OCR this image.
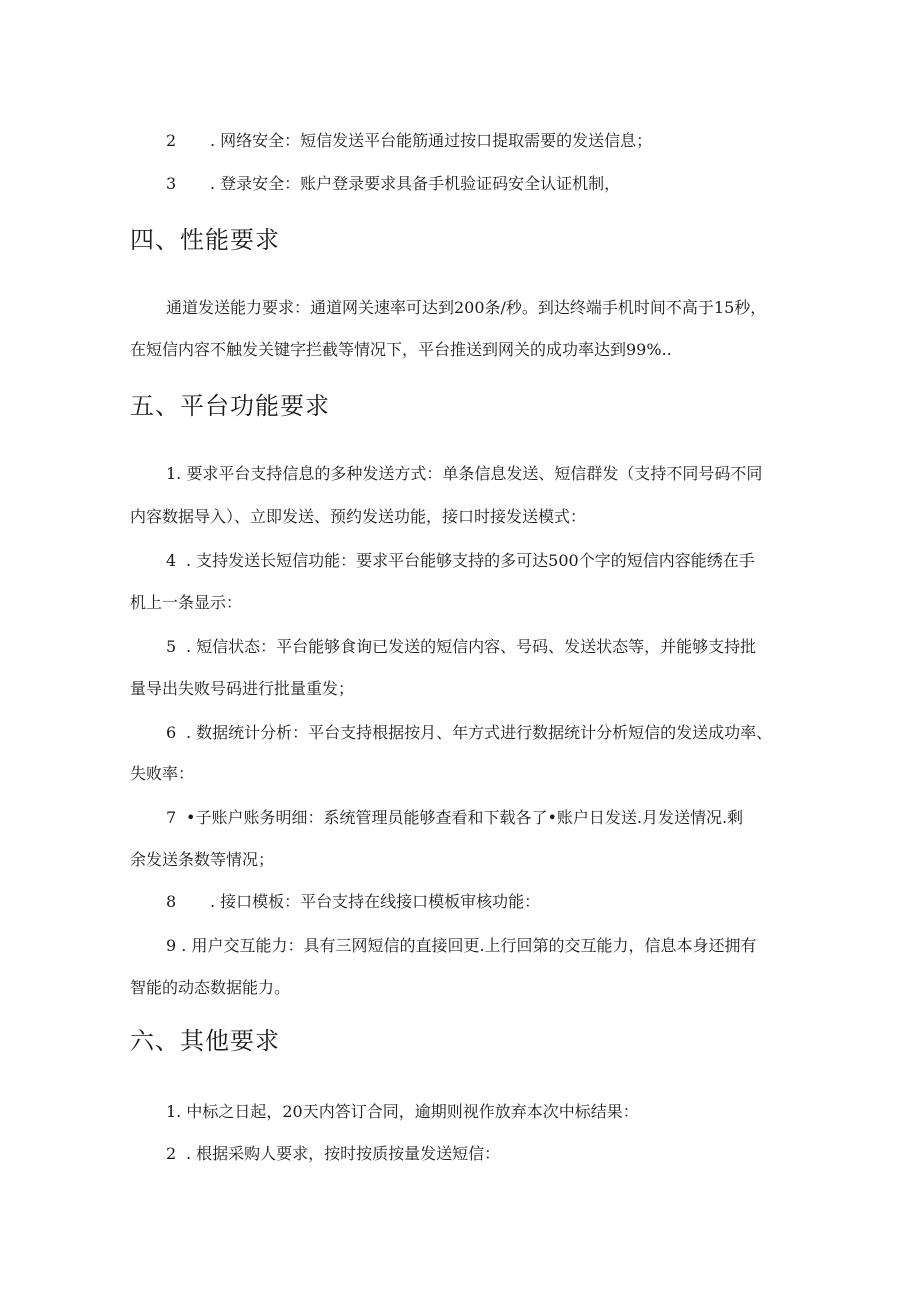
2 . 网络安全：短信发送平台能筋通过按口提取需要的发送信息；
3 . 登录安全：账户登录要求具备手机验证码安全认证机制，
四、性能要求
通道发送能力要求：通道网关速率可达到200条/秒。到达终端手机时间不高于15秒，
在短信内容不触发关键字拦截等情况下，平台推送到网关的成功率达到99%..
五、平台功能要求
1. 要求平台支持信息的多种发送方式：单条信息发送、短信群发（支持不同号码不同
内容数据导入）、立即发送、预约发送功能，接口时接发送模式：
4 . 支持发送长短信功能：要求平台能够支持的多可达500个字的短信内容能绣在手
机上一条显示：
5 . 短信状态：平台能够食询已发送的短信内容、号码、发送状态等，并能够支持批
量导出失败号码进行批量重发；
6 . 数据统计分析：平台支持根据按月、年方式进行数据统计分析短信的发送成功率、
失败率：
7 •子账户账务明细：系统管理员能够查看和下载各了•账户日发送.月发送情况.剩
余发送条数等情况；
8 . 接口模板：平台支持在线接口模板审核功能：
9 . 用户交互能力：具有三网短信的直接回更.上行回第的交互能力，信息本身还拥有
智能的动态数据能力。
六、其他要求
1. 中标之日起，20天内答订合同，逾期则视作放弃本次中标结果：
2 . 根据采购人要求，按时按质按量发送短信：
